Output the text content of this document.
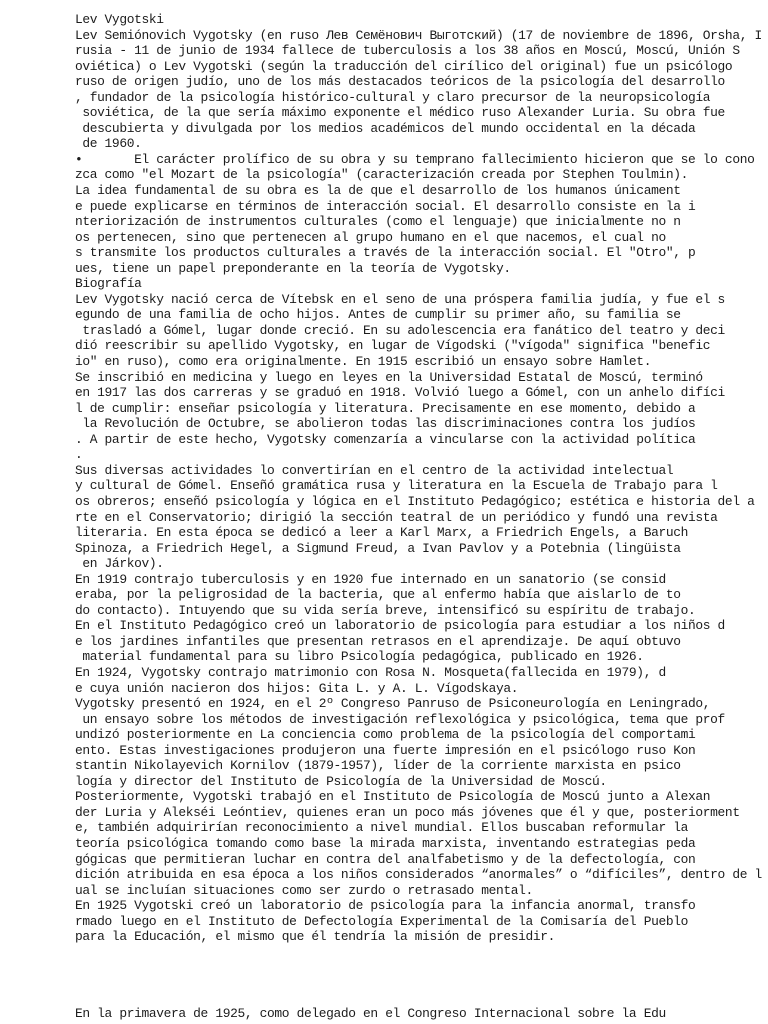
Lev Vygotski
Lev Semiónovich Vygotsky (en ruso Лев Семёнович Выготский) (17 de noviembre de 1896, Orsha, I
rusia - 11 de junio de 1934 fallece de tuberculosis a los 38 años en Moscú, Moscú, Unión S
oviética) o Lev Vygotski (según la traducción del cirílico del original) fue un psicólogo
ruso de origen judío, uno de los más destacados teóricos de la psicología del desarrollo
, fundador de la psicología histórico-cultural y claro precursor de la neuropsicología
soviética, de la que sería máximo exponente el médico ruso Alexander Luria. Su obra fue
descubierta y divulgada por los medios académicos del mundo occidental en la década
de 1960.
•       El carácter prolífico de su obra y su temprano fallecimiento hicieron que se lo cono
zca como "el Mozart de la psicología" (caracterización creada por Stephen Toulmin).
La idea fundamental de su obra es la de que el desarrollo de los humanos únicament
e puede explicarse en términos de interacción social. El desarrollo consiste en la i
nteriorización de instrumentos culturales (como el lenguaje) que inicialmente no n
os pertenecen, sino que pertenecen al grupo humano en el que nacemos, el cual no
s transmite los productos culturales a través de la interacción social. El "Otro", p
ues, tiene un papel preponderante en la teoría de Vygotsky.
Biografía
Lev Vygotsky nació cerca de Vítebsk en el seno de una próspera familia judía, y fue el s
egundo de una familia de ocho hijos. Antes de cumplir su primer año, su familia se
trasladó a Gómel, lugar donde creció. En su adolescencia era fanático del teatro y deci
dió reescribir su apellido Vygotsky, en lugar de Vígodski ("vígoda" significa "benefic
io" en ruso), como era originalmente. En 1915 escribió un ensayo sobre Hamlet.
Se inscribió en medicina y luego en leyes en la Universidad Estatal de Moscú, terminó
en 1917 las dos carreras y se graduó en 1918. Volvió luego a Gómel, con un anhelo difíci
l de cumplir: enseñar psicología y literatura. Precisamente en ese momento, debido a
la Revolución de Octubre, se abolieron todas las discriminaciones contra los judíos
. A partir de este hecho, Vygotsky comenzaría a vincularse con la actividad política
.
Sus diversas actividades lo convertirían en el centro de la actividad intelectual
y cultural de Gómel. Enseñó gramática rusa y literatura en la Escuela de Trabajo para l
os obreros; enseñó psicología y lógica en el Instituto Pedagógico; estética e historia del a
rte en el Conservatorio; dirigió la sección teatral de un periódico y fundó una revista
literaria. En esta época se dedicó a leer a Karl Marx, a Friedrich Engels, a Baruch
Spinoza, a Friedrich Hegel, a Sigmund Freud, a Ivan Pavlov y a Potebnia (lingüista
en Járkov).
En 1919 contrajo tuberculosis y en 1920 fue internado en un sanatorio (se consid
eraba, por la peligrosidad de la bacteria, que al enfermo había que aislarlo de to
do contacto). Intuyendo que su vida sería breve, intensificó su espíritu de trabajo.
En el Instituto Pedagógico creó un laboratorio de psicología para estudiar a los niños d
e los jardines infantiles que presentan retrasos en el aprendizaje. De aquí obtuvo
material fundamental para su libro Psicología pedagógica, publicado en 1926.
En 1924, Vygotsky contrajo matrimonio con Rosa N. Mosqueta(fallecida en 1979), d
e cuya unión nacieron dos hijos: Gita L. y A. L. Vígodskaya.
Vygotsky presentó en 1924, en el 2º Congreso Panruso de Psiconeurología en Leningrado,
un ensayo sobre los métodos de investigación reflexológica y psicológica, tema que prof
undizó posteriormente en La conciencia como problema de la psicología del comportami
ento. Estas investigaciones produjeron una fuerte impresión en el psicólogo ruso Kon
stantin Nikolayevich Kornilov (1879-1957), líder de la corriente marxista en psico
logía y director del Instituto de Psicología de la Universidad de Moscú.
Posteriormente, Vygotski trabajó en el Instituto de Psicología de Moscú junto a Alexan
der Luria y Alekséi Leóntiev, quienes eran un poco más jóvenes que él y que, posteriorment
e, también adquirirían reconocimiento a nivel mundial. Ellos buscaban reformular la
teoría psicológica tomando como base la mirada marxista, inventando estrategias peda
gógicas que permitieran luchar en contra del analfabetismo y de la defectología, con
dición atribuida en esa época a los niños considerados “anormales” o “difíciles”, dentro de l
ual se incluían situaciones como ser zurdo o retrasado mental.
En 1925 Vygotski creó un laboratorio de psicología para la infancia anormal, transfo
rmado luego en el Instituto de Defectología Experimental de la Comisaría del Pueblo
para la Educación, el mismo que él tendría la misión de presidir.
En la primavera de 1925, como delegado en el Congreso Internacional sobre la Edu
